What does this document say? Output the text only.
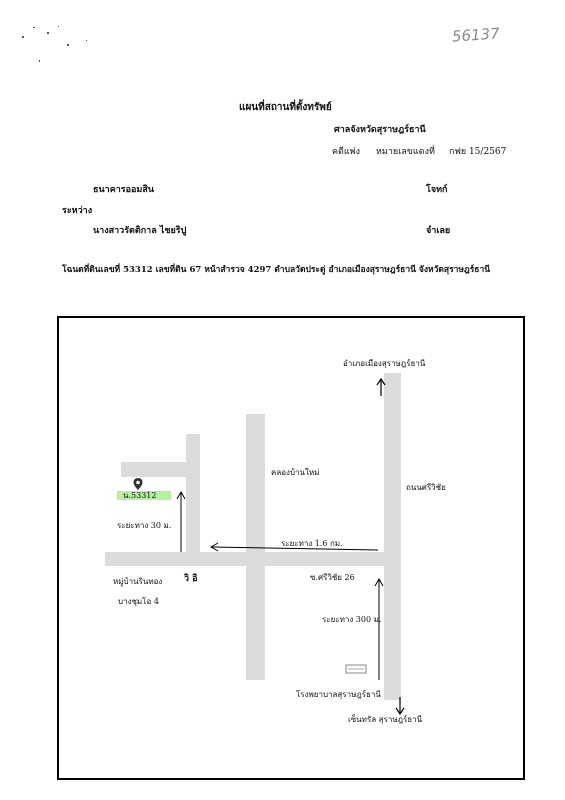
56137
แผนที่สถานที่ตั้งทรัพย์
ศาลจังหวัดสุราษฎร์ธานี
คดีแพ่ง หมายเลขแดงที่ กฟย 15/2567
ธนาคารออมสิน	โจทก์
ระหว่าง
นางสาวรัตติกาล ไชยริปู	จำเลย
โฉนดที่ดินเลขที่ 53312 เลขที่ดิน 67 หน้าสำรวจ 4297 ตำบลวัดประดู่ อำเภอเมืองสุราษฎร์ธานี จังหวัดสุราษฎร์ธานี
น.53312
อำเภอเมืองสุราษฎร์ธานี
คลองบ้านใหม่
ถนนศรีวิชัย
ระยะทาง 30 ม.
ระยะทาง 1.6 กม.
หมู่บ้านรินทอง วิ อิ
บางชุมโอ 4
ซ.ศรีวิชัย 26
ระยะทาง 300 ม.
โรงพยาบาลสุราษฎร์ธานี
เซ็นทรัล สุราษฎร์ธานี
